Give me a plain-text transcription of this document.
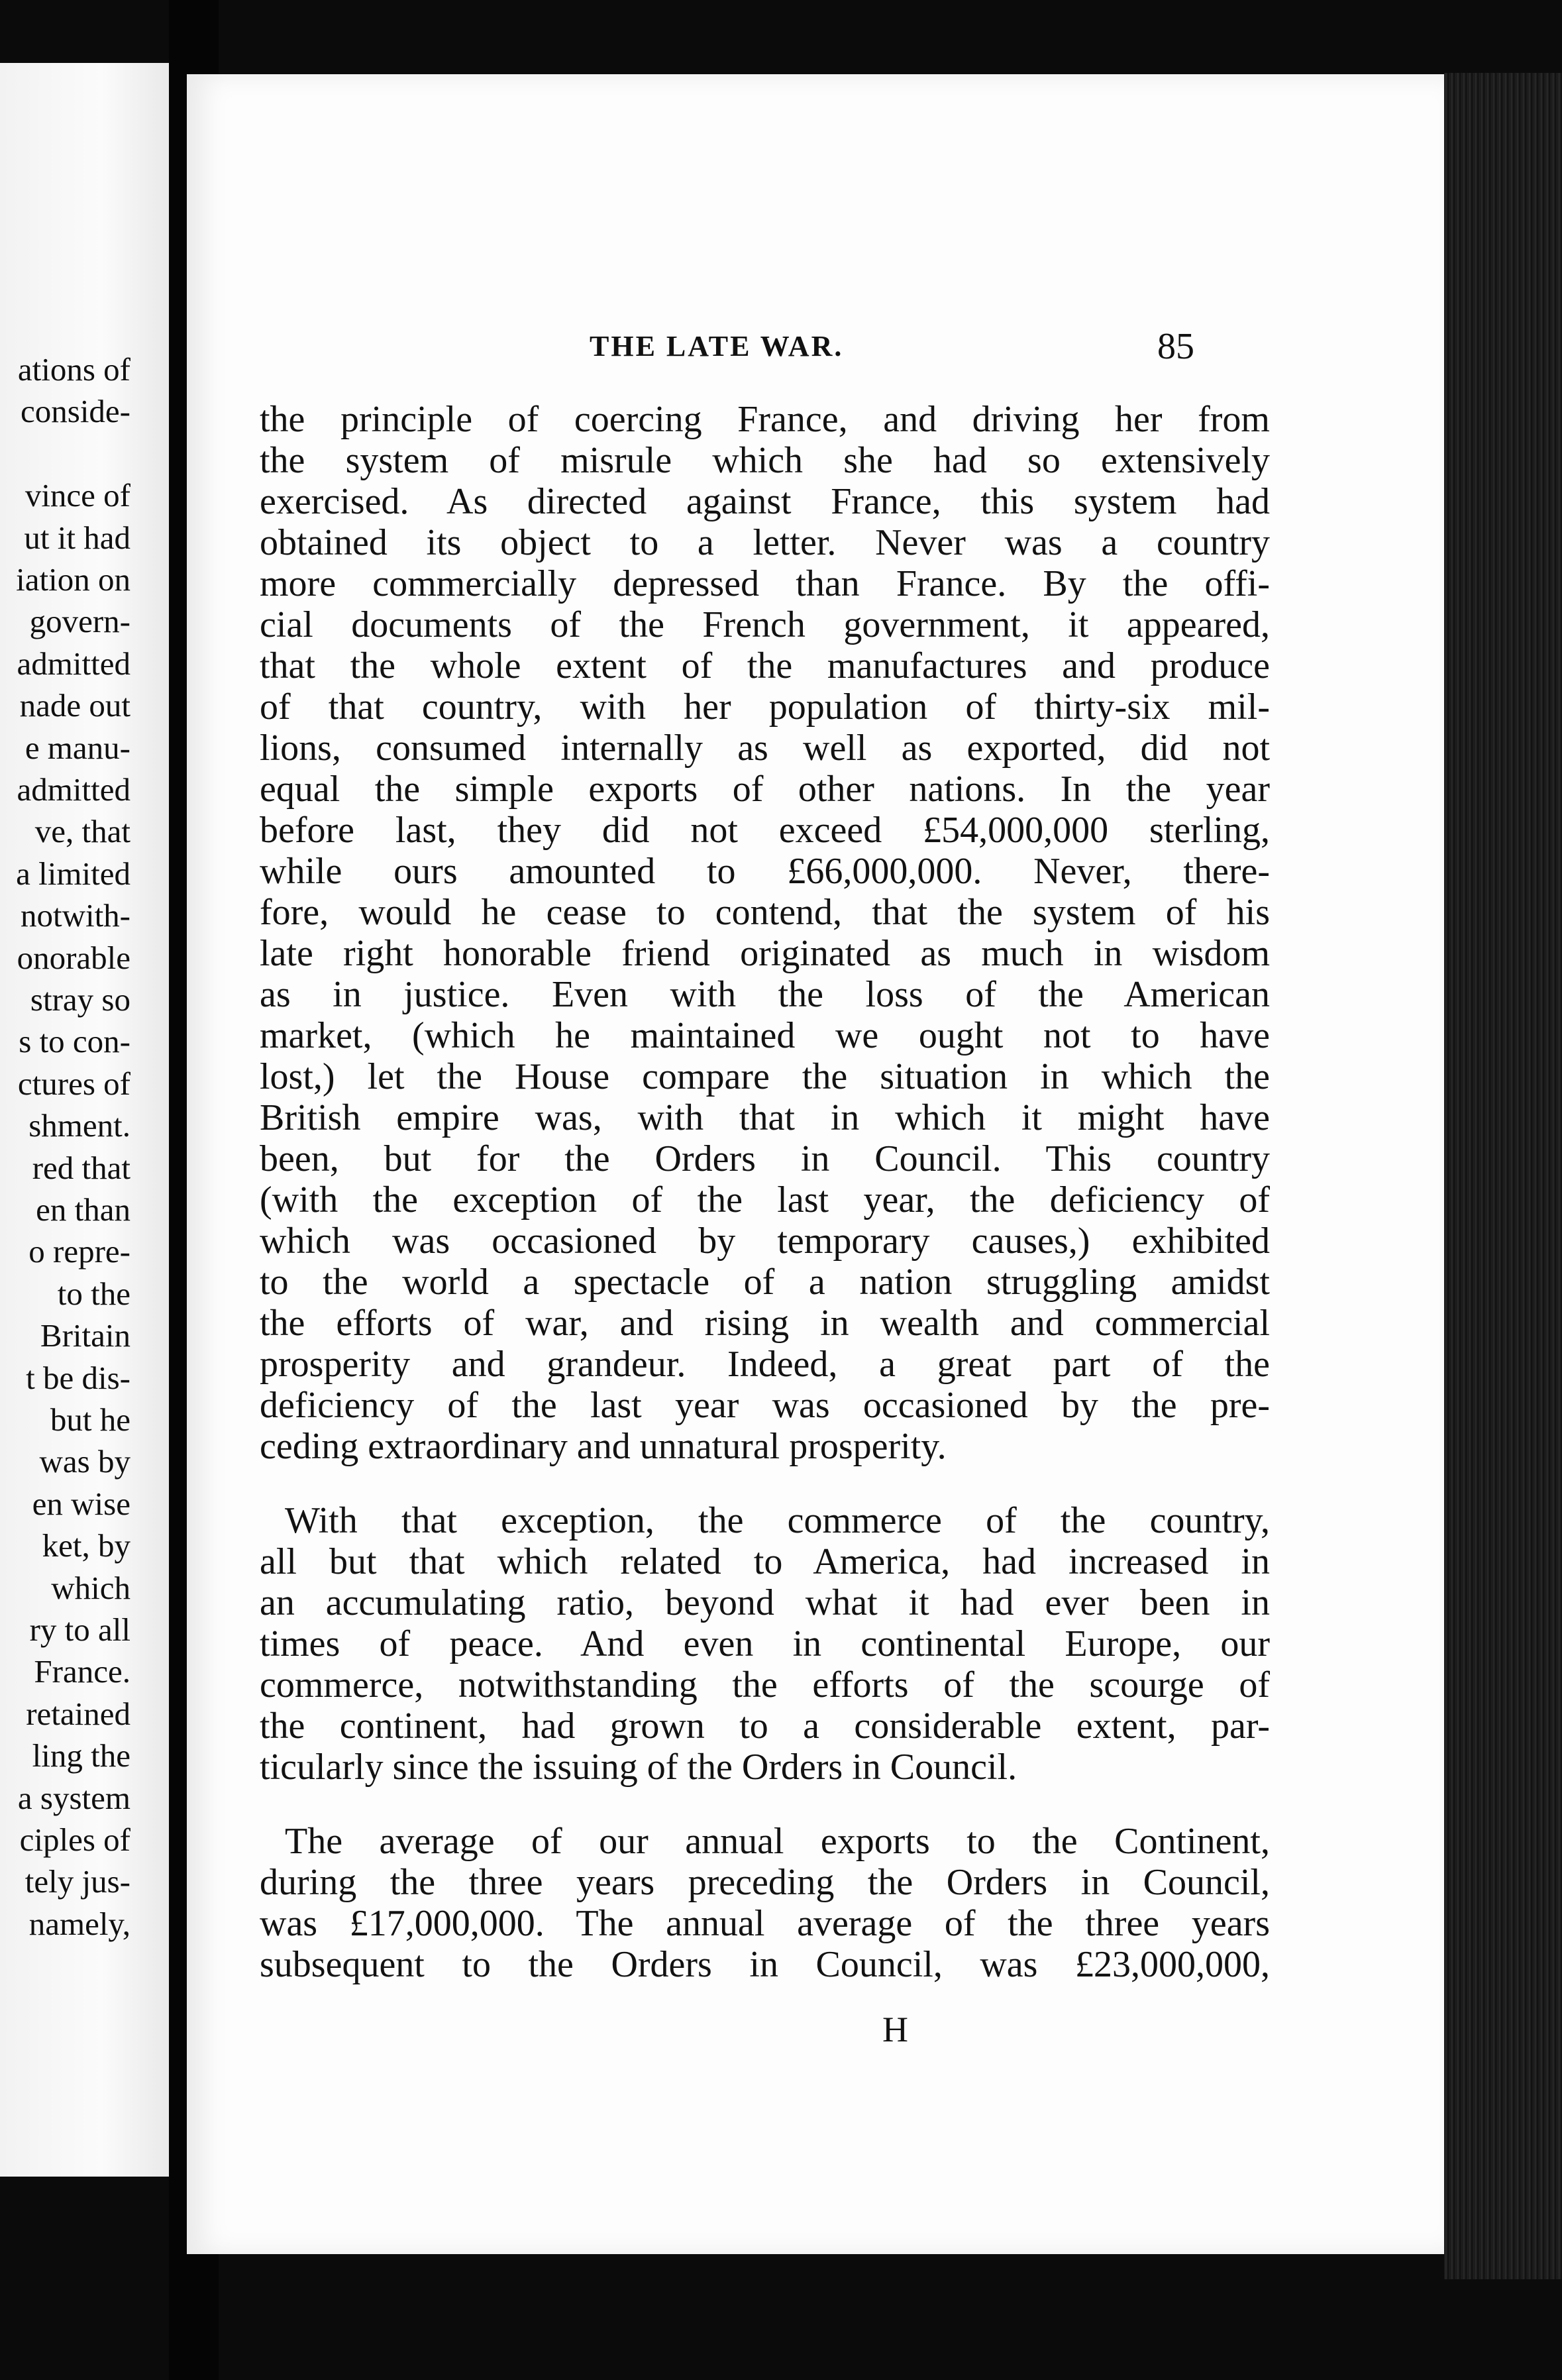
ations of
conside-
vince of
ut it had
iation on
govern-
admitted
nade out
e manu-
admitted
ve, that
a limited
notwith-
onorable
stray so
s to con-
ctures of
shment.
red that
en than
o repre-
to the
Britain
t be dis-
but he
was by
en wise
ket, by
which
ry to all
France.
retained
ling the
a system
ciples of
tely jus-
namely,
THE LATE WAR.	85
the principle of coercing France, and driving her from
the system of misrule which she had so extensively
exercised. As directed against France, this system had
obtained its object to a letter. Never was a country
more commercially depressed than France. By the offi-
cial documents of the French government, it appeared,
that the whole extent of the manufactures and produce
of that country, with her population of thirty-six mil-
lions, consumed internally as well as exported, did not
equal the simple exports of other nations. In the year
before last, they did not exceed £54,000,000 sterling,
while ours amounted to £66,000,000. Never, there-
fore, would he cease to contend, that the system of his
late right honorable friend originated as much in wisdom
as in justice. Even with the loss of the American
market, (which he maintained we ought not to have
lost,) let the House compare the situation in which the
British empire was, with that in which it might have
been, but for the Orders in Council. This country
(with the exception of the last year, the deficiency of
which was occasioned by temporary causes,) exhibited
to the world a spectacle of a nation struggling amidst
the efforts of war, and rising in wealth and commercial
prosperity and grandeur. Indeed, a great part of the
deficiency of the last year was occasioned by the pre-
ceding extraordinary and unnatural prosperity.
With that exception, the commerce of the country,
all but that which related to America, had increased in
an accumulating ratio, beyond what it had ever been in
times of peace. And even in continental Europe, our
commerce, notwithstanding the efforts of the scourge of
the continent, had grown to a considerable extent, par-
ticularly since the issuing of the Orders in Council.
The average of our annual exports to the Continent,
during the three years preceding the Orders in Council,
was £17,000,000. The annual average of the three years
subsequent to the Orders in Council, was £23,000,000,
H
